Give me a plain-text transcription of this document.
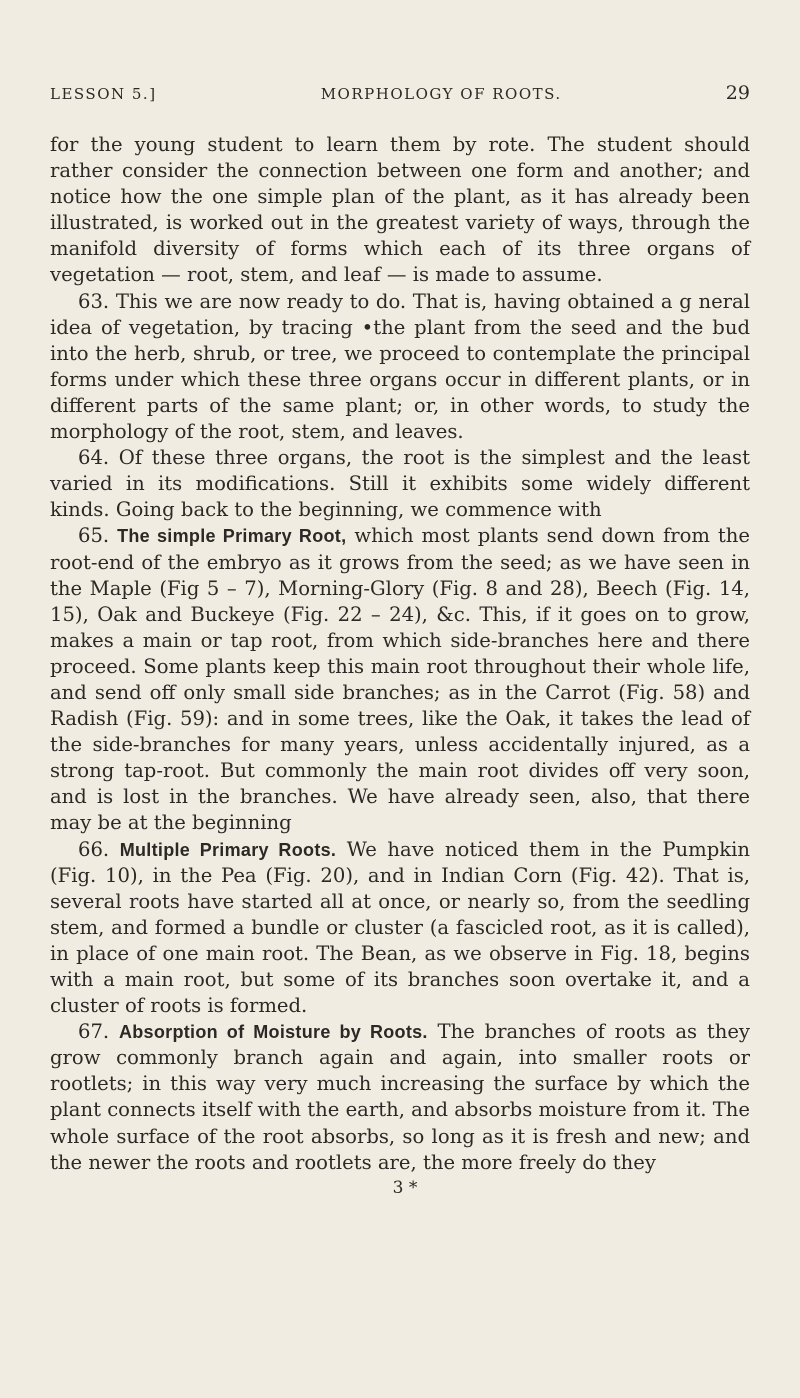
LESSON 5.]	MORPHOLOGY OF ROOTS.	29

for the young student to learn them by rote. The student should rather consider the connection between one form and another; and notice how the one simple plan of the plant, as it has already been illustrated, is worked out in the greatest variety of ways, through the manifold diversity of forms which each of its three organs of vegetation — root, stem, and leaf — is made to assume.

63. This we are now ready to do. That is, having obtained a g neral idea of vegetation, by tracing •the plant from the seed and the bud into the herb, shrub, or tree, we proceed to contemplate the principal forms under which these three organs occur in different plants, or in different parts of the same plant; or, in other words, to study the morphology of the root, stem, and leaves.

64. Of these three organs, the root is the simplest and the least varied in its modifications. Still it exhibits some widely different kinds. Going back to the beginning, we commence with

65. The simple Primary Root, which most plants send down from the root-end of the embryo as it grows from the seed; as we have seen in the Maple (Fig 5 – 7), Morning-Glory (Fig. 8 and 28), Beech (Fig. 14, 15), Oak and Buckeye (Fig. 22 – 24), &c. This, if it goes on to grow, makes a main or tap root, from which side-branches here and there proceed. Some plants keep this main root throughout their whole life, and send off only small side branches; as in the Carrot (Fig. 58) and Radish (Fig. 59): and in some trees, like the Oak, it takes the lead of the side-branches for many years, unless accidentally injured, as a strong tap-root. But commonly the main root divides off very soon, and is lost in the branches. We have already seen, also, that there may be at the beginning

66. Multiple Primary Roots. We have noticed them in the Pumpkin (Fig. 10), in the Pea (Fig. 20), and in Indian Corn (Fig. 42). That is, several roots have started all at once, or nearly so, from the seedling stem, and formed a bundle or cluster (a fascicled root, as it is called), in place of one main root. The Bean, as we observe in Fig. 18, begins with a main root, but some of its branches soon overtake it, and a cluster of roots is formed.

67. Absorption of Moisture by Roots. The branches of roots as they grow commonly branch again and again, into smaller roots or rootlets; in this way very much increasing the surface by which the plant connects itself with the earth, and absorbs moisture from it. The whole surface of the root absorbs, so long as it is fresh and new; and the newer the roots and rootlets are, the more freely do they

3 *
